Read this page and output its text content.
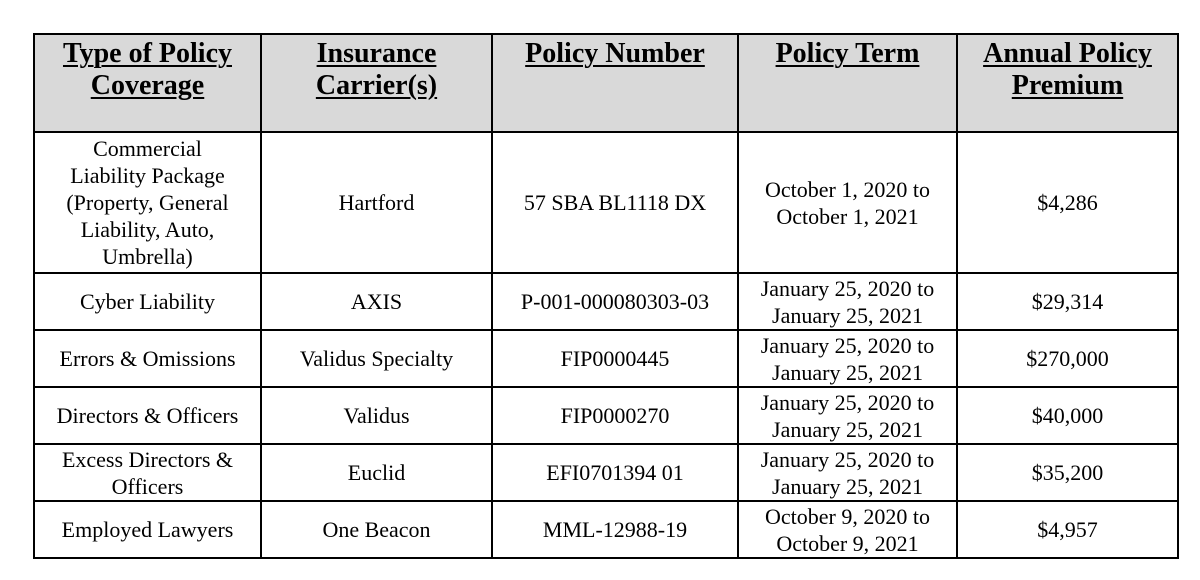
Type of Policy Coverage	Insurance Carrier(s)	Policy Number	Policy Term	Annual Policy Premium

Commercial Liability Package (Property, General Liability, Auto, Umbrella)	Hartford	57 SBA BL1118 DX	October 1, 2020 to October 1, 2021	$4,286
Cyber Liability	AXIS	P-001-000080303-03	January 25, 2020 to January 25, 2021	$29,314
Errors & Omissions	Validus Specialty	FIP0000445	January 25, 2020 to January 25, 2021	$270,000
Directors & Officers	Validus	FIP0000270	January 25, 2020 to January 25, 2021	$40,000

Excess Directors & Officers	Euclid	EFI0701394 01	January 25, 2020 to January 25, 2021	$35,200
Employed Lawyers	One Beacon	MML-12988-19	October 9, 2020 to October 9, 2021	$4,957
